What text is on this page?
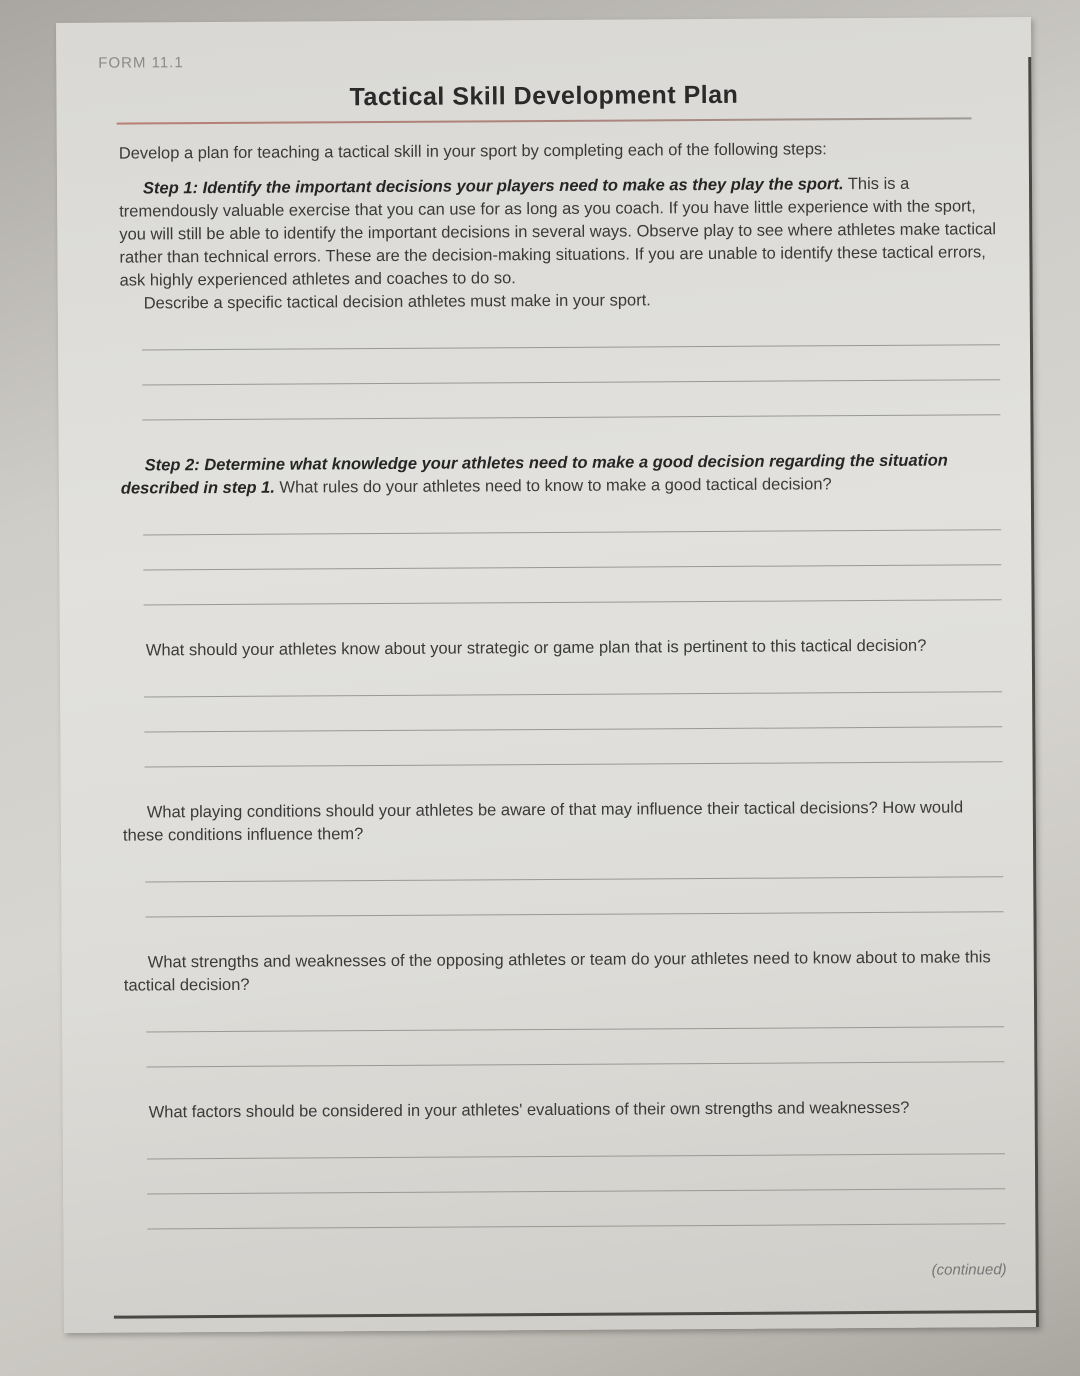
FORM 11.1
Tactical Skill Development Plan

Develop a plan for teaching a tactical skill in your sport by completing each of the following steps:

Step 1: Identify the important decisions your players need to make as they play the sport. This is a tremendously valuable exercise that you can use for as long as you coach. If you have little experience with the sport, you will still be able to identify the important decisions in several ways. Observe play to see where athletes make tactical rather than technical errors. These are the decision-making situations. If you are unable to identify these tactical errors, ask highly experienced athletes and coaches to do so.

Describe a specific tactical decision athletes must make in your sport.

Step 2: Determine what knowledge your athletes need to make a good decision regarding the situation described in step 1. What rules do your athletes need to know to make a good tactical decision?

What should your athletes know about your strategic or game plan that is pertinent to this tactical decision?

What playing conditions should your athletes be aware of that may influence their tactical decisions? How would these conditions influence them?

What strengths and weaknesses of the opposing athletes or team do your athletes need to know about to make this tactical decision?

What factors should be considered in your athletes' evaluations of their own strengths and weaknesses?

(continued)
